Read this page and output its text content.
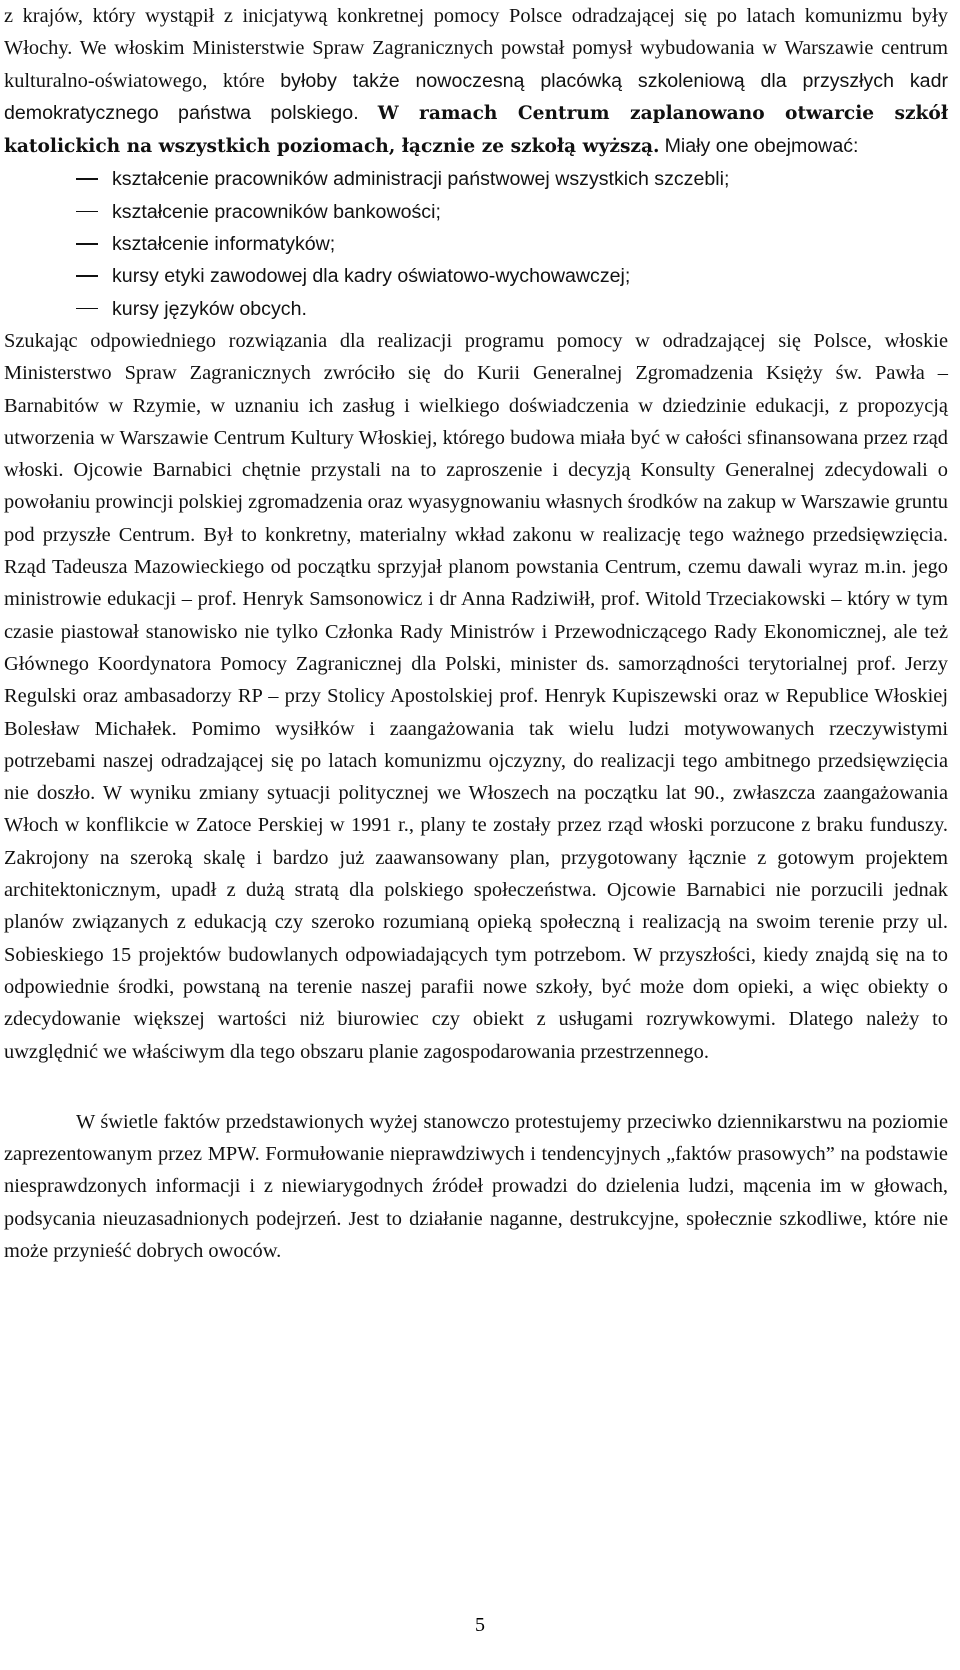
z krajów, który wystąpił z inicjatywą konkretnej pomocy Polsce odradzającej się po latach komunizmu były Włochy. We włoskim Ministerstwie Spraw Zagranicznych powstał pomysł wybudowania w Warszawie centrum kulturalno-oświatowego, które byłoby także nowoczesną placówką szkoleniową dla przyszłych kadr demokratycznego państwa polskiego. W ramach Centrum zaplanowano otwarcie szkół katolickich na wszystkich poziomach, łącznie ze szkołą wyższą. Miały one obejmować:

kształcenie pracowników administracji państwowej wszystkich szczebli;
kształcenie pracowników bankowości;
kształcenie informatyków;
kursy etyki zawodowej dla kadry oświatowo-wychowawczej;
kursy języków obcych.

Szukając odpowiedniego rozwiązania dla realizacji programu pomocy w odradzającej się Polsce, włoskie Ministerstwo Spraw Zagranicznych zwróciło się do Kurii Generalnej Zgromadzenia Księży św. Pawła – Barnabitów w Rzymie, w uznaniu ich zasług i wielkiego doświadczenia w dziedzinie edukacji, z propozycją utworzenia w Warszawie Centrum Kultury Włoskiej, którego budowa miała być w całości sfinansowana przez rząd włoski. Ojcowie Barnabici chętnie przystali na to zaproszenie i decyzją Konsulty Generalnej zdecydowali o powołaniu prowincji polskiej zgromadzenia oraz wyasygnowaniu własnych środków na zakup w Warszawie gruntu pod przyszłe Centrum. Był to konkretny, materialny wkład zakonu w realizację tego ważnego przedsięwzięcia. Rząd Tadeusza Mazowieckiego od początku sprzyjał planom powstania Centrum, czemu dawali wyraz m.in. jego ministrowie edukacji – prof. Henryk Samsonowicz i dr Anna Radziwiłł, prof. Witold Trzeciakowski – który w tym czasie piastował stanowisko nie tylko Członka Rady Ministrów i Przewodniczącego Rady Ekonomicznej, ale też Głównego Koordynatora Pomocy Zagranicznej dla Polski, minister ds. samorządności terytorialnej prof. Jerzy Regulski oraz ambasadorzy RP – przy Stolicy Apostolskiej prof. Henryk Kupiszewski oraz w Republice Włoskiej Bolesław Michałek. Pomimo wysiłków i zaangażowania tak wielu ludzi motywowanych rzeczywistymi potrzebami naszej odradzającej się po latach komunizmu ojczyzny, do realizacji tego ambitnego przedsięwzięcia nie doszło. W wyniku zmiany sytuacji politycznej we Włoszech na początku lat 90., zwłaszcza zaangażowania Włoch w konflikcie w Zatoce Perskiej w 1991 r., plany te zostały przez rząd włoski porzucone z braku funduszy. Zakrojony na szeroką skalę i bardzo już zaawansowany plan, przygotowany łącznie z gotowym projektem architektonicznym, upadł z dużą stratą dla polskiego społeczeństwa. Ojcowie Barnabici nie porzucili jednak planów związanych z edukacją czy szeroko rozumianą opieką społeczną i realizacją na swoim terenie przy ul. Sobieskiego 15 projektów budowlanych odpowiadających tym potrzebom. W przyszłości, kiedy znajdą się na to odpowiednie środki, powstaną na terenie naszej parafii nowe szkoły, być może dom opieki, a więc obiekty o zdecydowanie większej wartości niż biurowiec czy obiekt z usługami rozrywkowymi. Dlatego należy to uwzględnić we właściwym dla tego obszaru planie zagospodarowania przestrzennego.

W świetle faktów przedstawionych wyżej stanowczo protestujemy przeciwko dziennikarstwu na poziomie zaprezentowanym przez MPW. Formułowanie nieprawdziwych i tendencyjnych „faktów prasowych” na podstawie niesprawdzonych informacji i z niewiarygodnych źródeł prowadzi do dzielenia ludzi, mącenia im w głowach, podsycania nieuzasadnionych podejrzeń. Jest to działanie naganne, destrukcyjne, społecznie szkodliwe, które nie może przynieść dobrych owoców.

5
